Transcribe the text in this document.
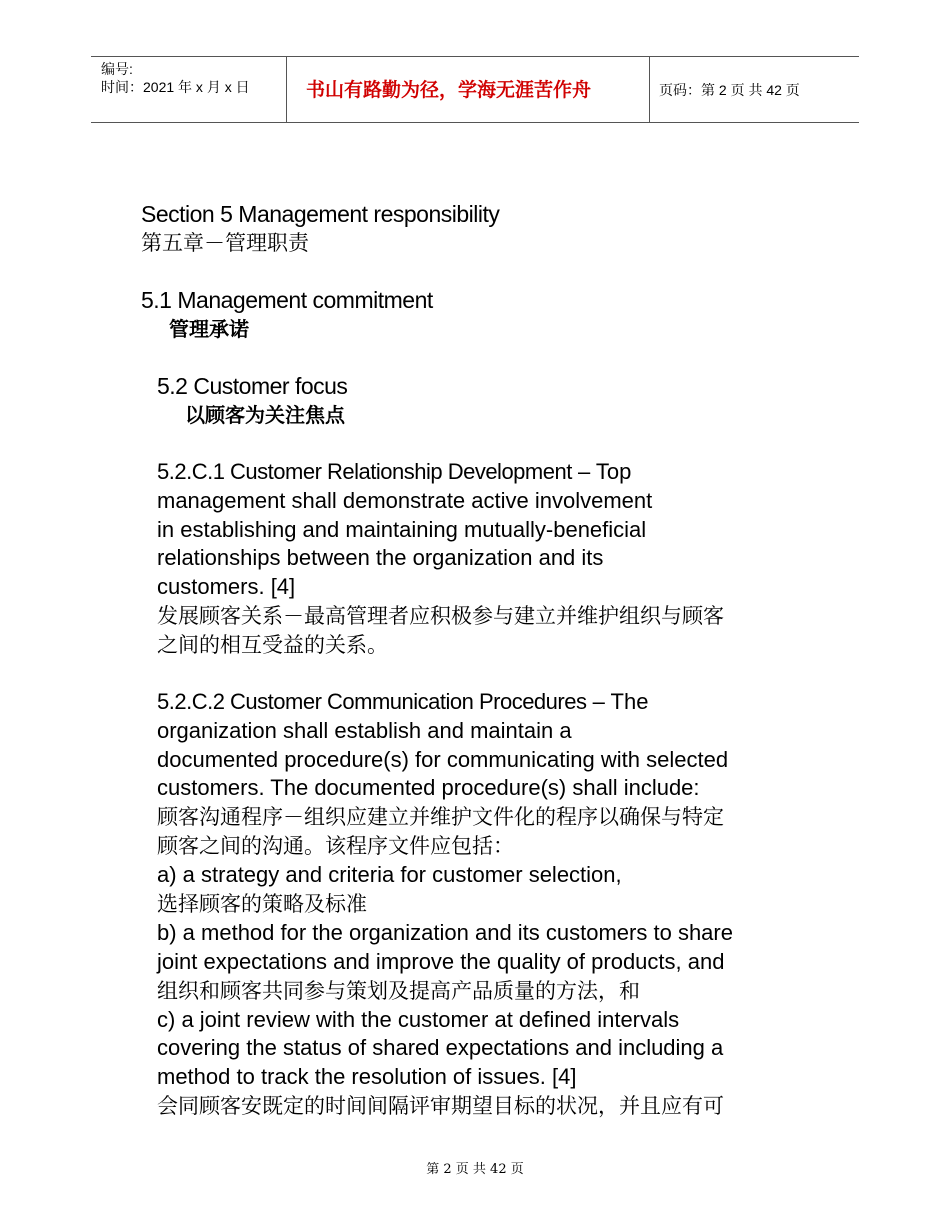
编号:
时间：2021 年 x 月 x 日	书山有路勤为径，学海无涯苦作舟	页码：第 2 页 共 42 页
Section 5 Management responsibility
第五章－管理职责
5.1 Management commitment
管理承诺
5.2 Customer focus
以顾客为关注焦点
5.2.C.1 Customer Relationship Development – Top
management shall demonstrate active involvement
in establishing and maintaining mutually-beneficial
relationships between the organization and its
customers. [4]
发展顾客关系－最高管理者应积极参与建立并维护组织与顾客
之间的相互受益的关系。
5.2.C.2 Customer Communication Procedures – The
organization shall establish and maintain a
documented procedure(s) for communicating with selected
customers. The documented procedure(s) shall include:
顾客沟通程序－组织应建立并维护文件化的程序以确保与特定
顾客之间的沟通。该程序文件应包括：
a) a strategy and criteria for customer selection,
选择顾客的策略及标准
b) a method for the organization and its customers to share
joint expectations and improve the quality of products, and
组织和顾客共同参与策划及提高产品质量的方法，和
c) a joint review with the customer at defined intervals
covering the status of shared expectations and including a
method to track the resolution of issues. [4]
会同顾客安既定的时间间隔评审期望目标的状况，并且应有可
第 2 页 共 42 页
